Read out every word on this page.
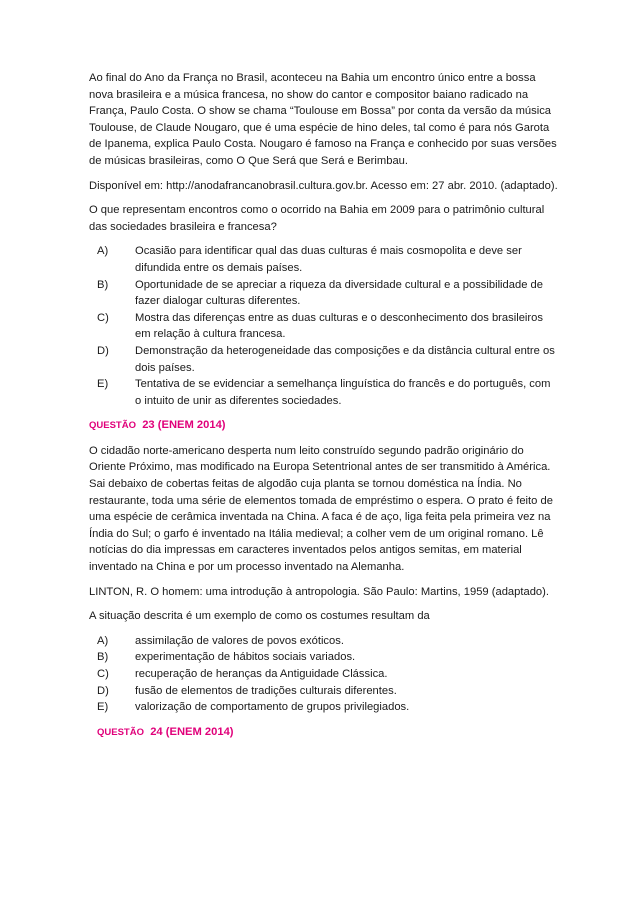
Ao final do Ano da França no Brasil, aconteceu na Bahia um encontro único entre a bossa nova brasileira e a música francesa, no show do cantor e compositor baiano radicado na França, Paulo Costa. O show se chama “Toulouse em Bossa” por conta da versão da música Toulouse, de Claude Nougaro, que é uma espécie de hino deles, tal como é para nós Garota de Ipanema, explica Paulo Costa. Nougaro é famoso na França e conhecido por suas versões de músicas brasileiras, como O Que Será que Será e Berimbau.

Disponível em: http://anodafrancanobrasil.cultura.gov.br. Acesso em: 27 abr. 2010. (adaptado).

O que representam encontros como o ocorrido na Bahia em 2009 para o patrimônio cultural das sociedades brasileira e francesa?

A) Ocasião para identificar qual das duas culturas é mais cosmopolita e deve ser difundida entre os demais países.
B) Oportunidade de se apreciar a riqueza da diversidade cultural e a possibilidade de fazer dialogar culturas diferentes.
C) Mostra das diferenças entre as duas culturas e o desconhecimento dos brasileiros em relação à cultura francesa.
D) Demonstração da heterogeneidade das composições e da distância cultural entre os dois países.
E) Tentativa de se evidenciar a semelhança linguística do francês e do português, com o intuito de unir as diferentes sociedades.
QUESTÃO 23 (ENEM 2014)

O cidadão norte-americano desperta num leito construído segundo padrão originário do Oriente Próximo, mas modificado na Europa Setentrional antes de ser transmitido à América. Sai debaixo de cobertas feitas de algodão cuja planta se tornou doméstica na Índia. No restaurante, toda uma série de elementos tomada de empréstimo o espera. O prato é feito de uma espécie de cerâmica inventada na China. A faca é de aço, liga feita pela primeira vez na Índia do Sul; o garfo é inventado na Itália medieval; a colher vem de um original romano. Lê notícias do dia impressas em caracteres inventados pelos antigos semitas, em material inventado na China e por um processo inventado na Alemanha.

LINTON, R. O homem: uma introdução à antropologia. São Paulo: Martins, 1959 (adaptado).

A situação descrita é um exemplo de como os costumes resultam da

A) assimilação de valores de povos exóticos.
B) experimentação de hábitos sociais variados.
C) recuperação de heranças da Antiguidade Clássica.
D) fusão de elementos de tradições culturais diferentes.
E) valorização de comportamento de grupos privilegiados.
QUESTÃO 24 (ENEM 2014)
